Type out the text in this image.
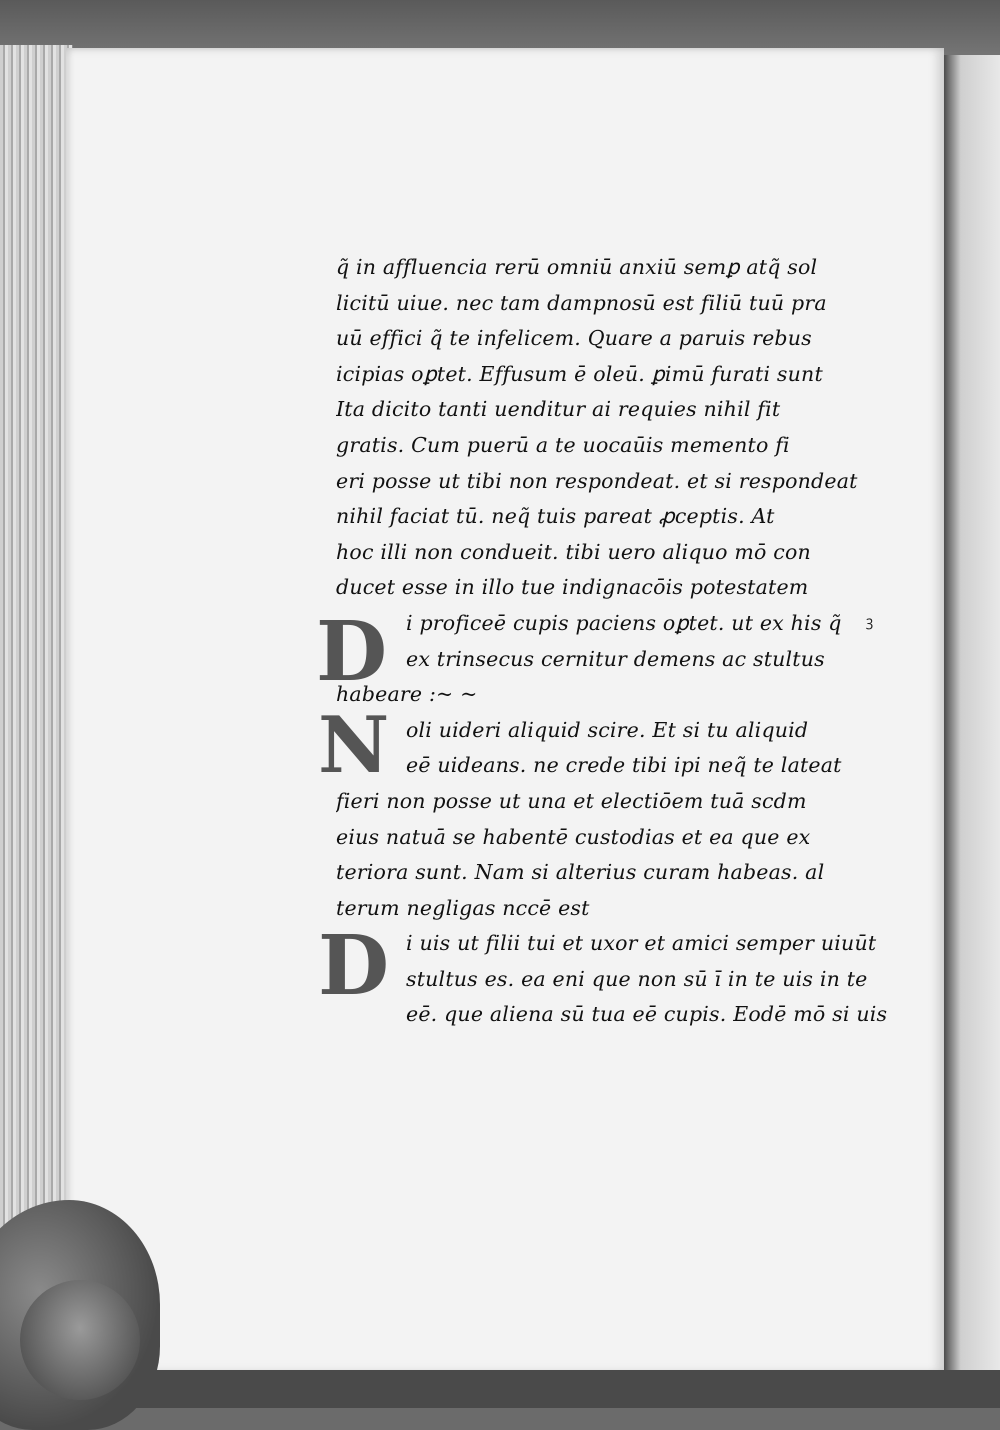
D
N
D
q̃ in affluencia rerū omniū anxiū semꝑ atq̃ sol
licitū uiue. nec tam dampnosū est filiū tuū pra
uū effici q̃ te infelicem. Quare a paruis rebus
icipias oꝑtet. Effusum ē oleū. ꝑimū furati sunt
Ita dicito tanti uenditur ai requies nihil fit
gratis. Cum puerū a te uocaūis memento fi
eri posse ut tibi non respondeat. et si respondeat
nihil faciat tū. neq̃ tuis pareat ꝓceptis. At
hoc illi non condueit. tibi uero aliquo mō con
ducet esse in illo tue indignacōis potestatem
i proficeē cupis paciens oꝑtet. ut ex his q̃
ex trinsecus cernitur demens ac stultus
habeare :~ ~
oli uideri aliquid scire. Et si tu aliquid
eē uideans. ne crede tibi ipi neq̃ te lateat
fieri non posse ut una et electiōem tuā scdm
eius natuā se habentē custodias et ea que ex
teriora sunt. Nam si alterius curam habeas. al
terum negligas nccē est
i uis ut filii tui et uxor et amici semper uiuūt
stultus es. ea eni que non sū ī in te uis in te
eē. que aliena sū tua eē cupis. Eodē mō si uis
ꝫ
